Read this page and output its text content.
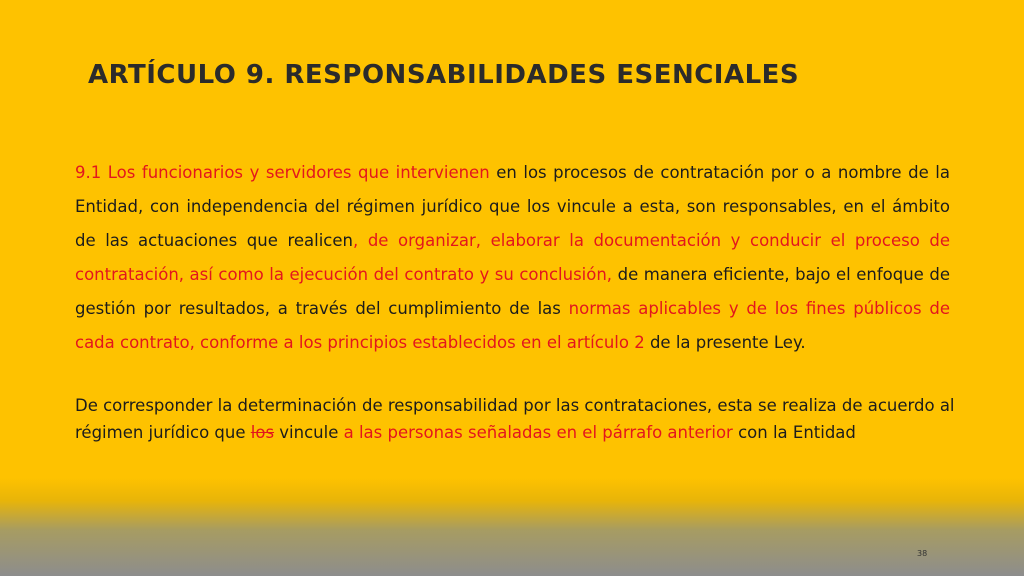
ARTÍCULO 9. RESPONSABILIDADES ESENCIALES

9.1 Los funcionarios y servidores que intervienen en los procesos de contratación por o a nombre de la Entidad, con independencia del régimen jurídico que los vincule a esta, son responsables, en el ámbito de las actuaciones que realicen, de organizar, elaborar la documentación y conducir el proceso de contratación, así como la ejecución del contrato y su conclusión, de manera eficiente, bajo el enfoque de gestión por resultados, a través del cumplimiento de las normas aplicables y de los fines públicos de cada contrato, conforme a los principios establecidos en el artículo 2 de la presente Ley.

De corresponder la determinación de responsabilidad por las contrataciones, esta se realiza de acuerdo al régimen jurídico que los vincule a las personas señaladas en el párrafo anterior con la Entidad

38
